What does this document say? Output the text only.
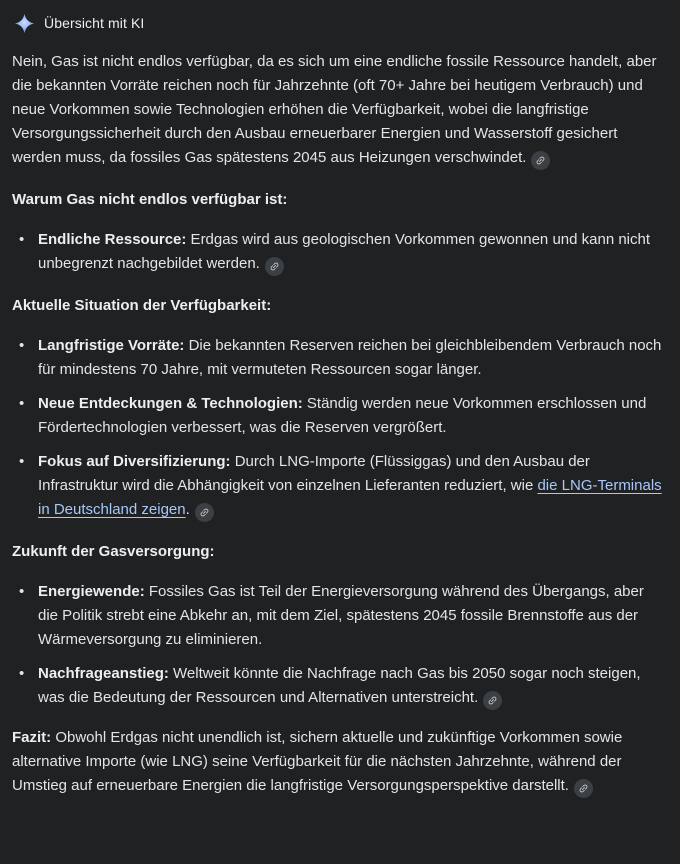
Übersicht mit KI

Nein, Gas ist nicht endlos verfügbar, da es sich um eine endliche fossile Ressource handelt, aber die bekannten Vorräte reichen noch für Jahrzehnte (oft 70+ Jahre bei heutigem Verbrauch) und neue Vorkommen sowie Technologien erhöhen die Verfügbarkeit, wobei die langfristige Versorgungssicherheit durch den Ausbau erneuerbarer Energien und Wasserstoff gesichert werden muss, da fossiles Gas spätestens 2045 aus Heizungen verschwindet.

Warum Gas nicht endlos verfügbar ist:
• Endliche Ressource: Erdgas wird aus geologischen Vorkommen gewonnen und kann nicht unbegrenzt nachgebildet werden.
Aktuelle Situation der Verfügbarkeit:
• Langfristige Vorräte: Die bekannten Reserven reichen bei gleichbleibendem Verbrauch noch für mindestens 70 Jahre, mit vermuteten Ressourcen sogar länger.
• Neue Entdeckungen & Technologien: Ständig werden neue Vorkommen erschlossen und Fördertechnologien verbessert, was die Reserven vergrößert.
• Fokus auf Diversifizierung: Durch LNG-Importe (Flüssiggas) und den Ausbau der Infrastruktur wird die Abhängigkeit von einzelnen Lieferanten reduziert, wie die LNG-Terminals in Deutschland zeigen.
Zukunft der Gasversorgung:
• Energiewende: Fossiles Gas ist Teil der Energieversorgung während des Übergangs, aber die Politik strebt eine Abkehr an, mit dem Ziel, spätestens 2045 fossile Brennstoffe aus der Wärmeversorgung zu eliminieren.
• Nachfrageanstieg: Weltweit könnte die Nachfrage nach Gas bis 2050 sogar noch steigen, was die Bedeutung der Ressourcen und Alternativen unterstreicht.

Fazit: Obwohl Erdgas nicht unendlich ist, sichern aktuelle und zukünftige Vorkommen sowie alternative Importe (wie LNG) seine Verfügbarkeit für die nächsten Jahrzehnte, während der Umstieg auf erneuerbare Energien die langfristige Versorgungsperspektive darstellt.
